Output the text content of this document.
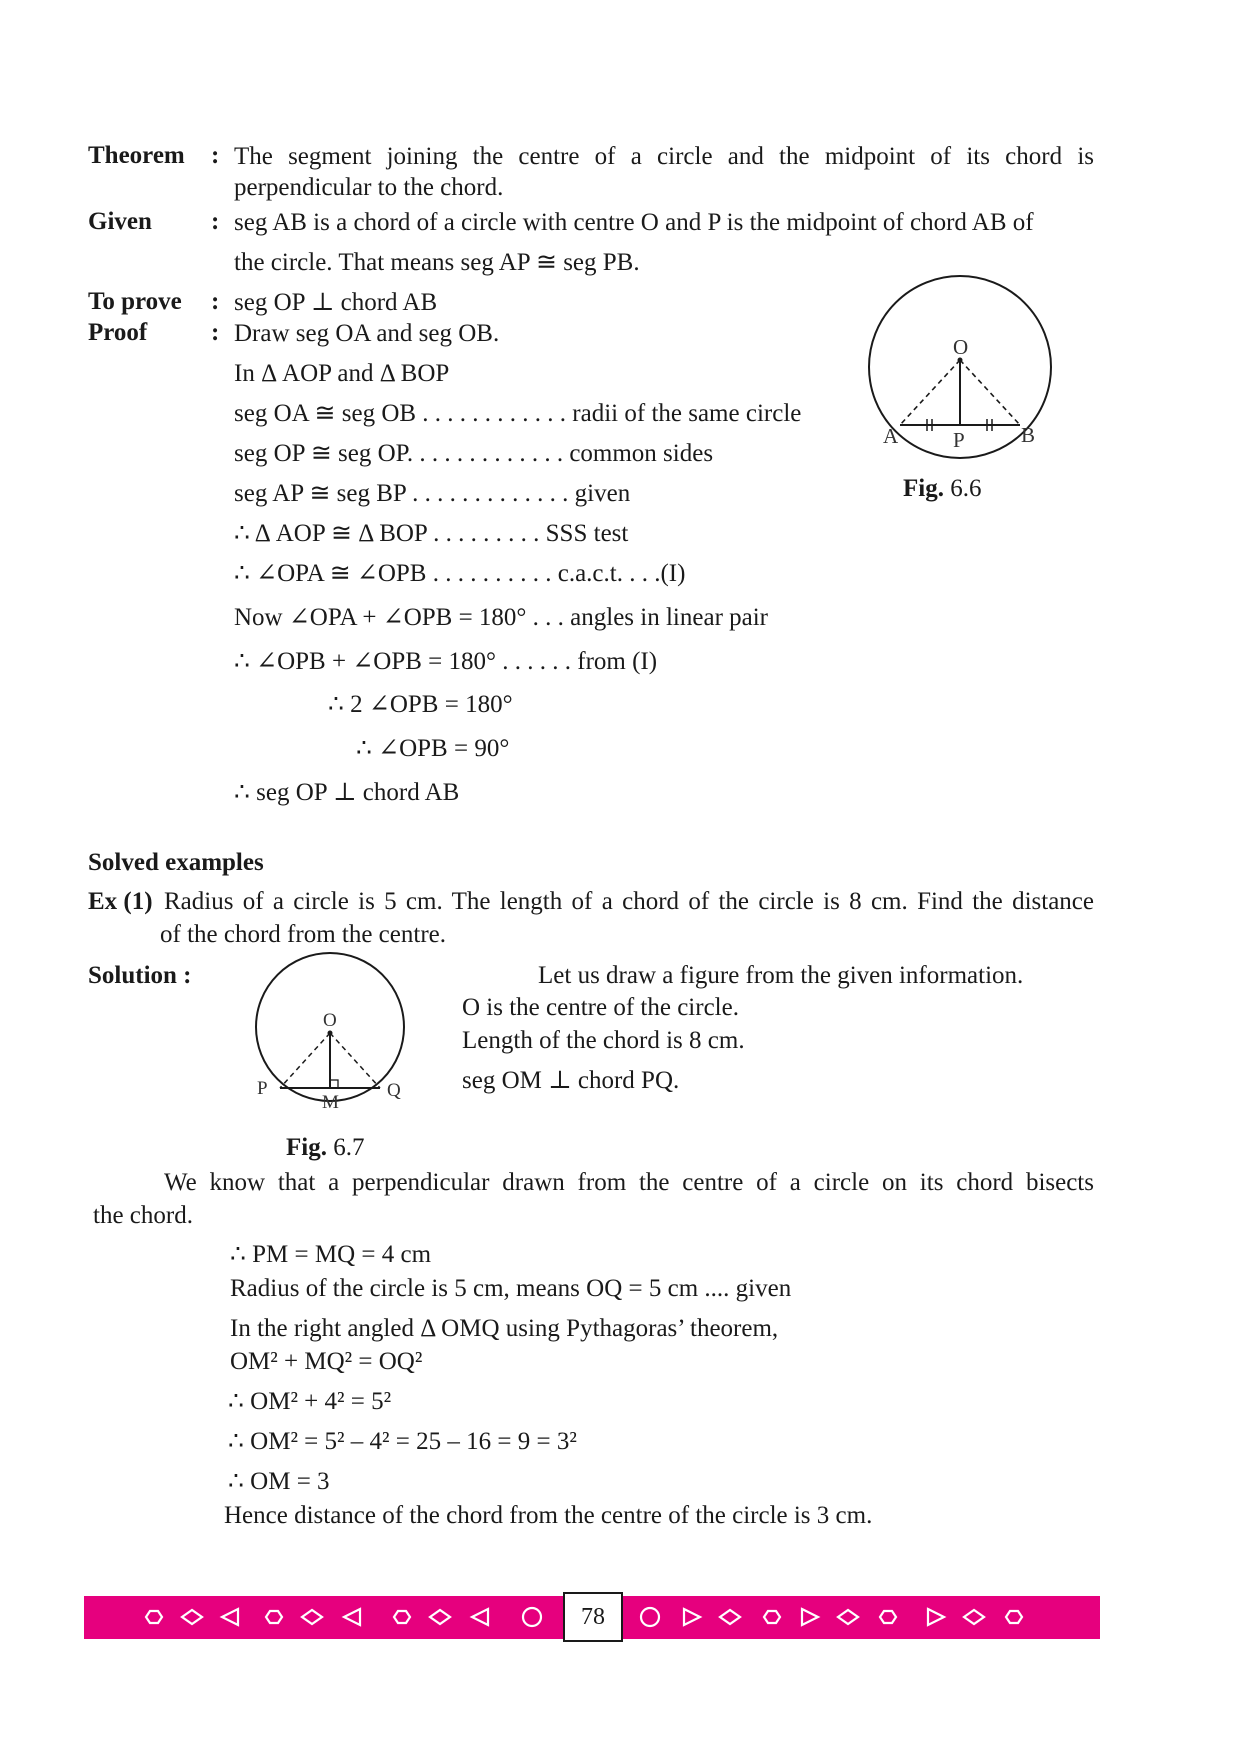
Theorem : The segment joining the centre of a circle and the midpoint of its chord is
perpendicular to the chord.
Given : seg AB is a chord of a circle with centre O and P is the midpoint of chord AB of
the circle. That means seg AP ≅ seg PB.
To prove : seg OP ⊥ chord AB
Proof	: Draw seg OA and seg OB.
In Δ AOP and Δ BOP
seg OA ≅ seg OB . . . . . . . . . . . . radii of the same circle
seg OP ≅ seg OP. . . . . . . . . . . . . common sides
seg AP ≅ seg BP . . . . . . . . . . . . . given
∴ Δ AOP ≅ Δ BOP . . . . . . . . . SSS test
∴ ∠OPA ≅ ∠OPB . . . . . . . . . . c.a.c.t. . . .(I)
Now ∠OPA + ∠OPB = 180° . . . angles in linear pair
∴ ∠OPB + ∠OPB = 180° . . . . . . from (I)
∴ 2 ∠OPB = 180°
∴ ∠OPB = 90°
∴ seg OP ⊥ chord AB
O
A	P	B
Fig. 6.6
Solved examples
Ex (1) Radius of a circle is 5 cm. The length of a chord of the circle is 8 cm. Find the distance
of the chord from the centre.
Solution :	Let us draw a figure from the given information.
O is the centre of the circle.
Length of the chord is 8 cm.
seg OM ⊥ chord PQ.
O
P
M
Q
Fig. 6.7
We know that a perpendicular drawn from the centre of a circle on its chord bisects
the chord.
∴ PM = MQ = 4 cm
Radius of the circle is 5 cm, means OQ = 5 cm .... given
In the right angled Δ OMQ using Pythagoras’ theorem,
OM² + MQ² = OQ²
∴ OM² + 4² = 5²
∴ OM² = 5² – 4² = 25 – 16 = 9 = 3²
∴ OM = 3
Hence distance of the chord from the centre of the circle is 3 cm.
78
